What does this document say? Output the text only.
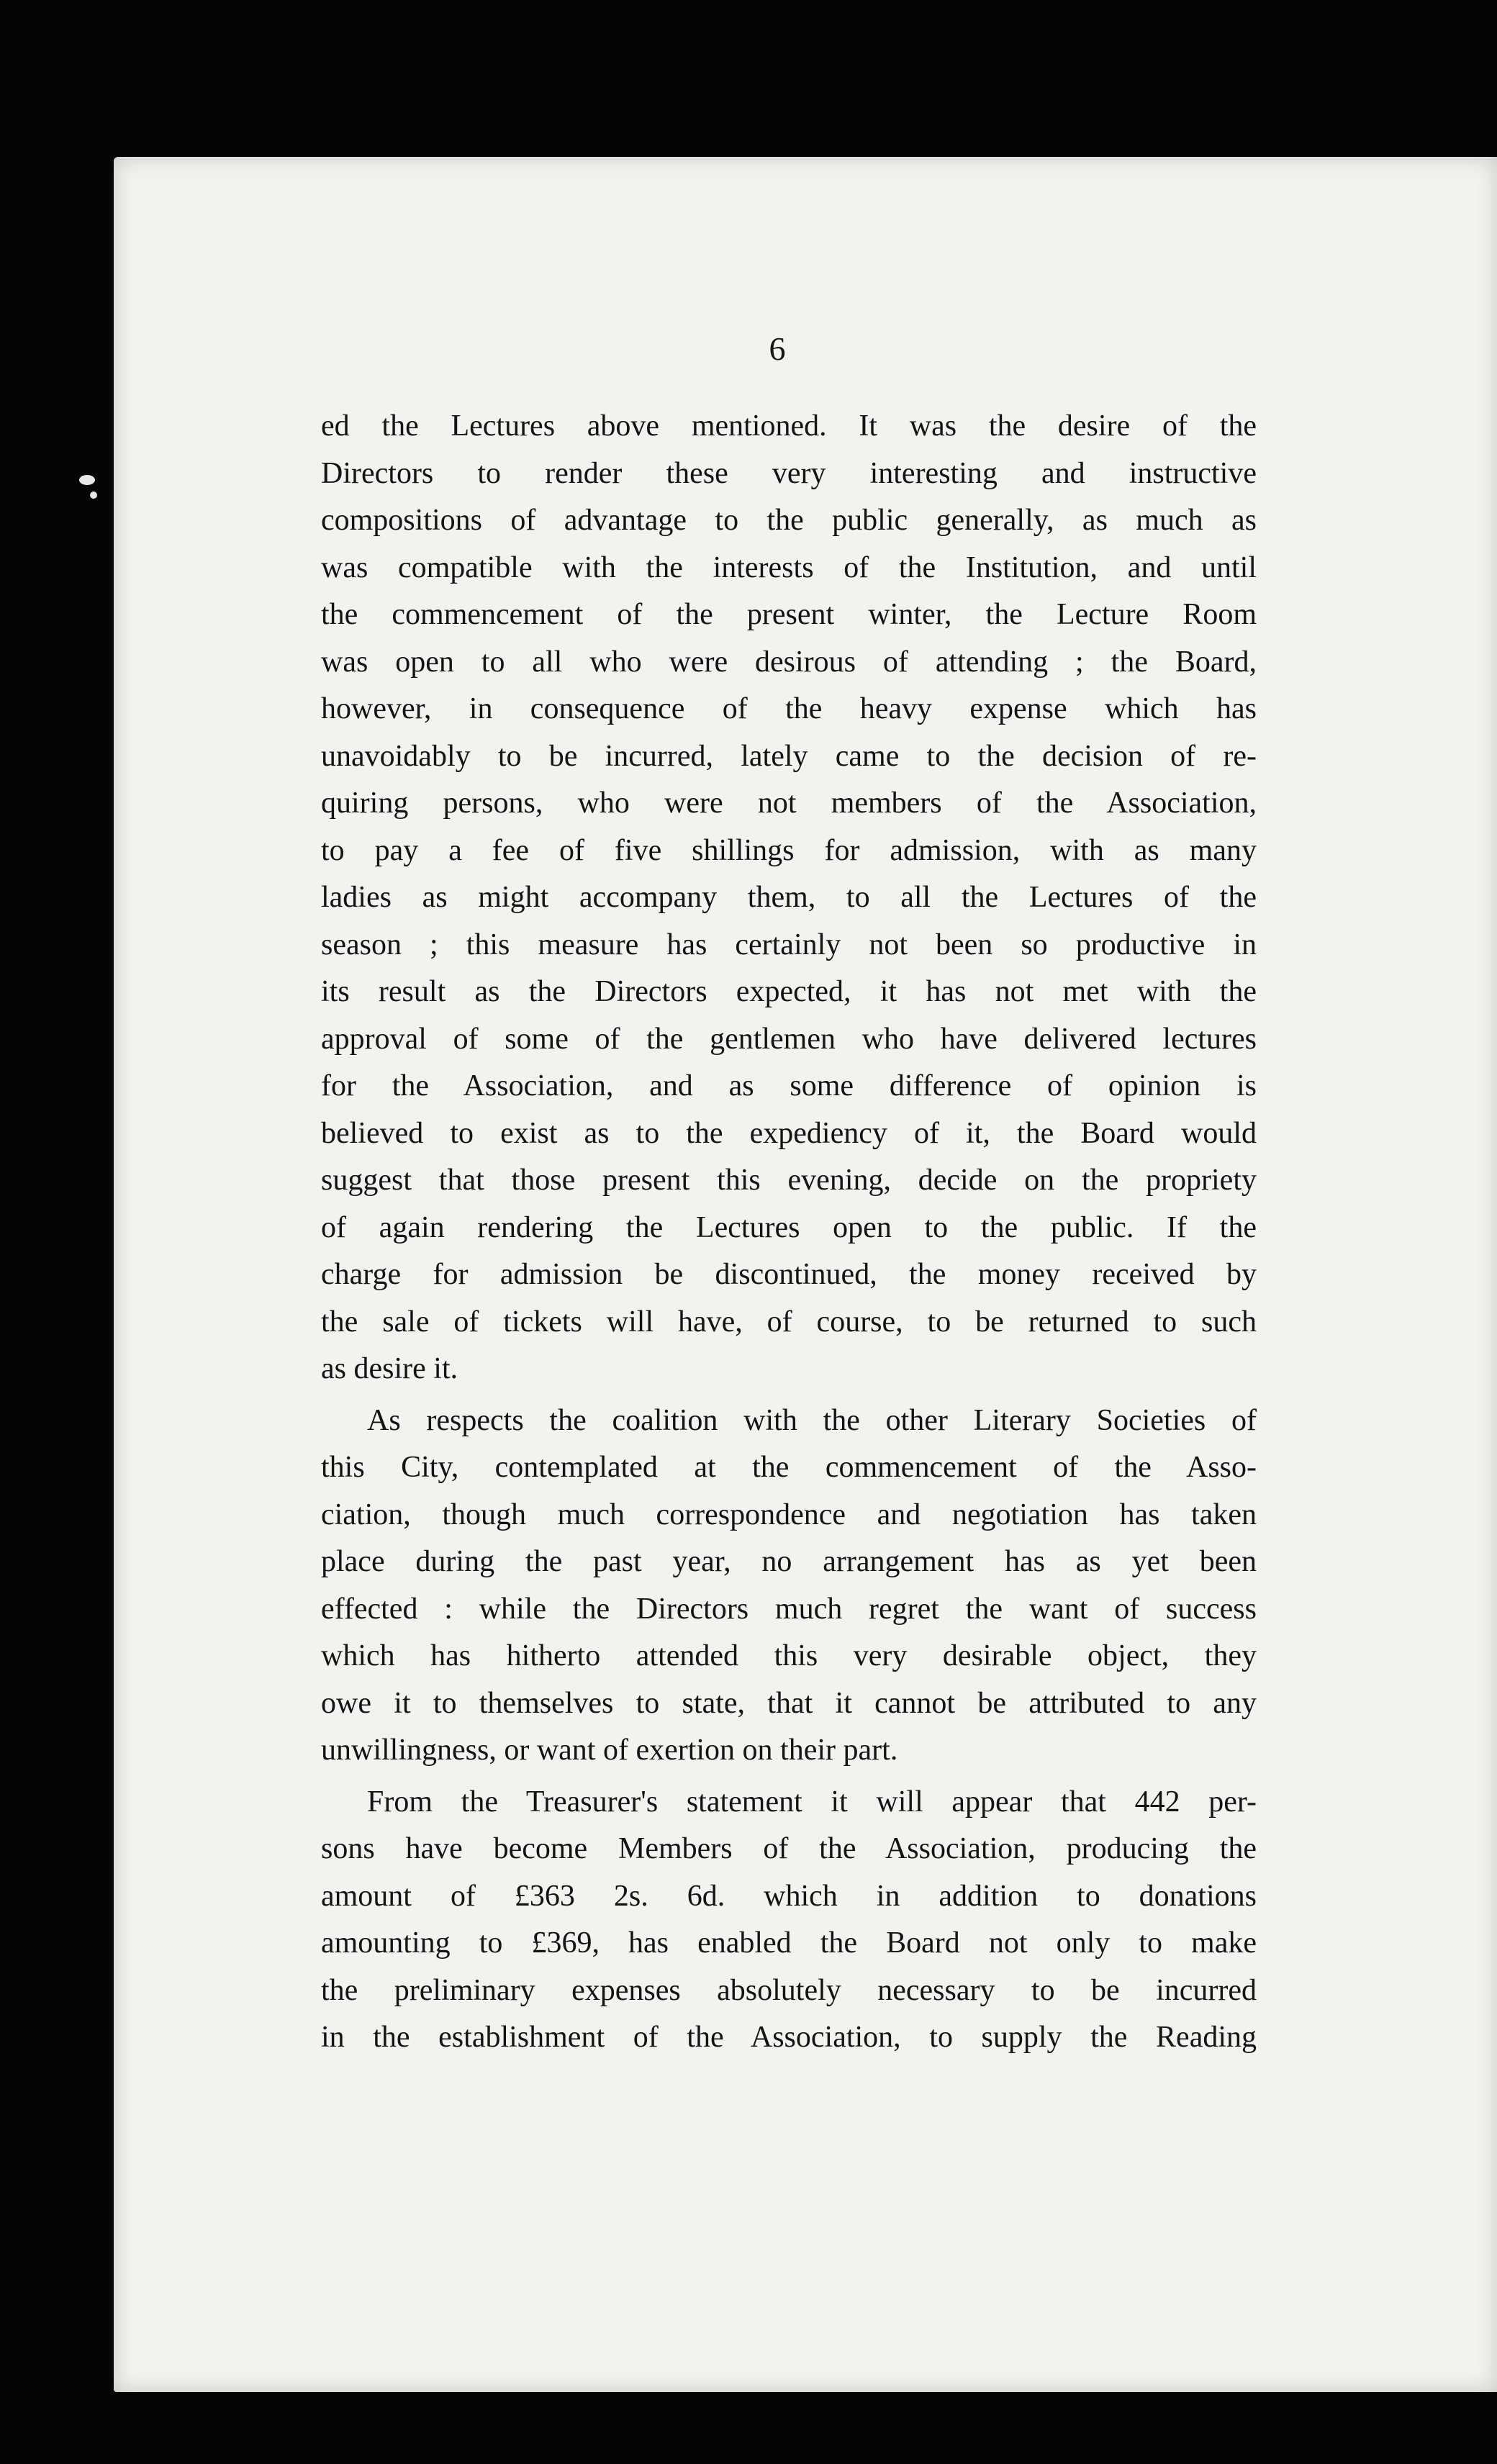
6
ed the Lectures above mentioned. It was the desire of the
Directors to render these very interesting and instructive
compositions of advantage to the public generally, as much as
was compatible with the interests of the Institution, and until
the commencement of the present winter, the Lecture Room
was open to all who were desirous of attending ; the Board,
however, in consequence of the heavy expense which has
unavoidably to be incurred, lately came to the decision of re-
quiring persons, who were not members of the Association,
to pay a fee of five shillings for admission, with as many
ladies as might accompany them, to all the Lectures of the
season ; this measure has certainly not been so productive in
its result as the Directors expected, it has not met with the
approval of some of the gentlemen who have delivered lectures
for the Association, and as some difference of opinion is
believed to exist as to the expediency of it, the Board would
suggest that those present this evening, decide on the propriety
of again rendering the Lectures open to the public. If the
charge for admission be discontinued, the money received by
the sale of tickets will have, of course, to be returned to such
as desire it.
As respects the coalition with the other Literary Societies of
this City, contemplated at the commencement of the Asso-
ciation, though much correspondence and negotiation has taken
place during the past year, no arrangement has as yet been
effected : while the Directors much regret the want of success
which has hitherto attended this very desirable object, they
owe it to themselves to state, that it cannot be attributed to any
unwillingness, or want of exertion on their part.
From the Treasurer's statement it will appear that 442 per-
sons have become Members of the Association, producing the
amount of £363 2s. 6d. which in addition to donations
amounting to £369, has enabled the Board not only to make
the preliminary expenses absolutely necessary to be incurred
in the establishment of the Association, to supply the Reading
